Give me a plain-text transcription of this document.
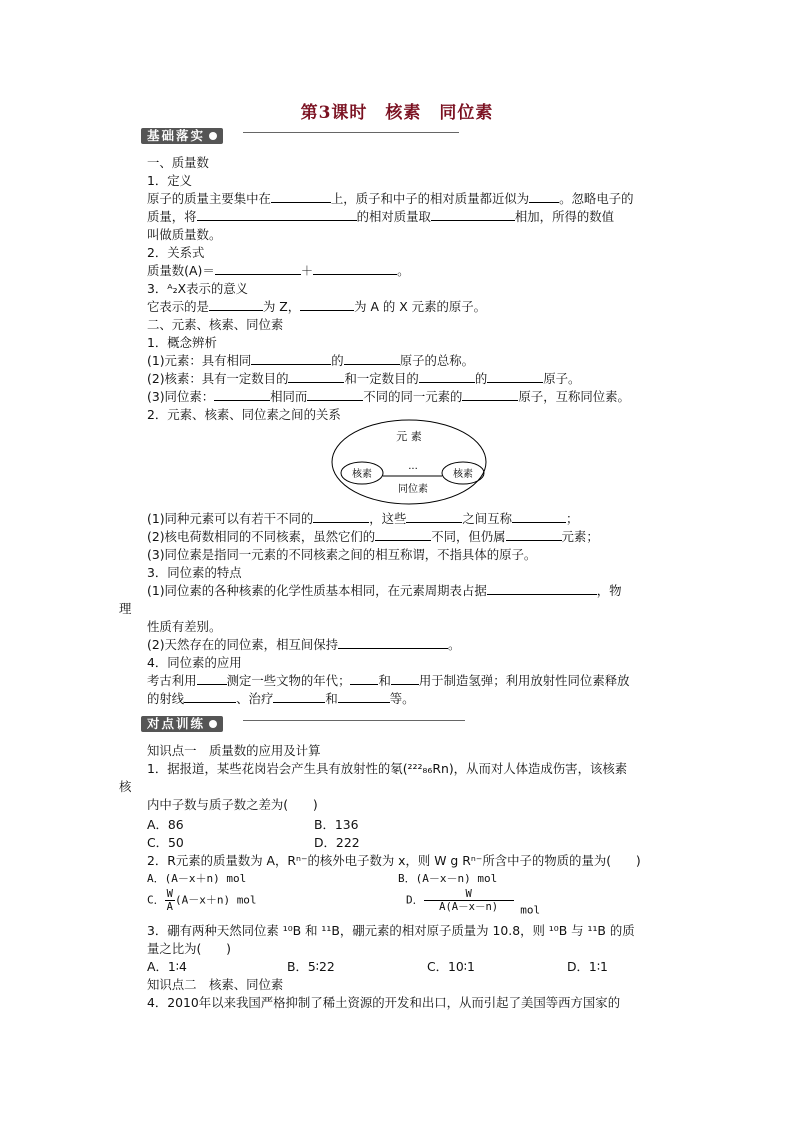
第3课时　核素　同位素
基础落实
一、质量数
1．定义
原子的质量主要集中在	上，质子和中子的相对质量都近似为 。忽略电子的
质量，将	的相对质量取	相加，所得的数值
叫做质量数。
2．关系式
质量数(A)＝	＋	。
3．ᴬ₂X表示的意义
它表示的是	为 Z，	为 A 的 X 元素的原子。
二、元素、核素、同位素
1．概念辨析
(1)元素：具有相同	的	原子的总称。
(2)核素：具有一定数目的	和一定数目的	的	原子。
(3)同位素：	相同而	不同的同一元素的	原子，互称同位素。
2．元素、核素、同位素之间的关系
元 素
核素	核素
···
同位素
(1)同种元素可以有若干不同的	，这些	之间互称	；
(2)核电荷数相同的不同核素，虽然它们的	不同，但仍属	元素；
(3)同位素是指同一元素的不同核素之间的相互称谓，不指具体的原子。
3．同位素的特点
(1)同位素的各种核素的化学性质基本相同，在元素周期表占据	，物
理
性质有差别。
(2)天然存在的同位素，相互间保持	。
4．同位素的应用
考古利用 测定一些文物的年代； 和 用于制造氢弹；利用放射性同位素释放
的射线	、治疗	和	等。
对点训练
知识点一　质量数的应用及计算
1．据报道，某些花岗岩会产生具有放射性的氡(²²²₈₆Rn)，从而对人体造成伤害，该核素
核
内中子数与质子数之差为(　　)
A．86	B．136
C．50	D．222
2．R元素的质量数为 A，Rⁿ⁻的核外电子数为 x，则 W g Rⁿ⁻所含中子的物质的量为(　　)
A．(A－x＋n) mol	B．(A－x－n) mol
C． $\frac{W}{A}(A-x+n)$ mol	D． $\frac{W}{A(A-x-n)}$ mol
3．硼有两种天然同位素 ¹⁰B 和 ¹¹B，硼元素的相对原子质量为 10.8，则 ¹⁰B 与 ¹¹B 的质
量之比为(　　)
A．1∶4	B．5∶22	C．10∶1	D．1∶1
知识点二　核素、同位素
4．2010年以来我国严格抑制了稀土资源的开发和出口，从而引起了美国等西方国家的
